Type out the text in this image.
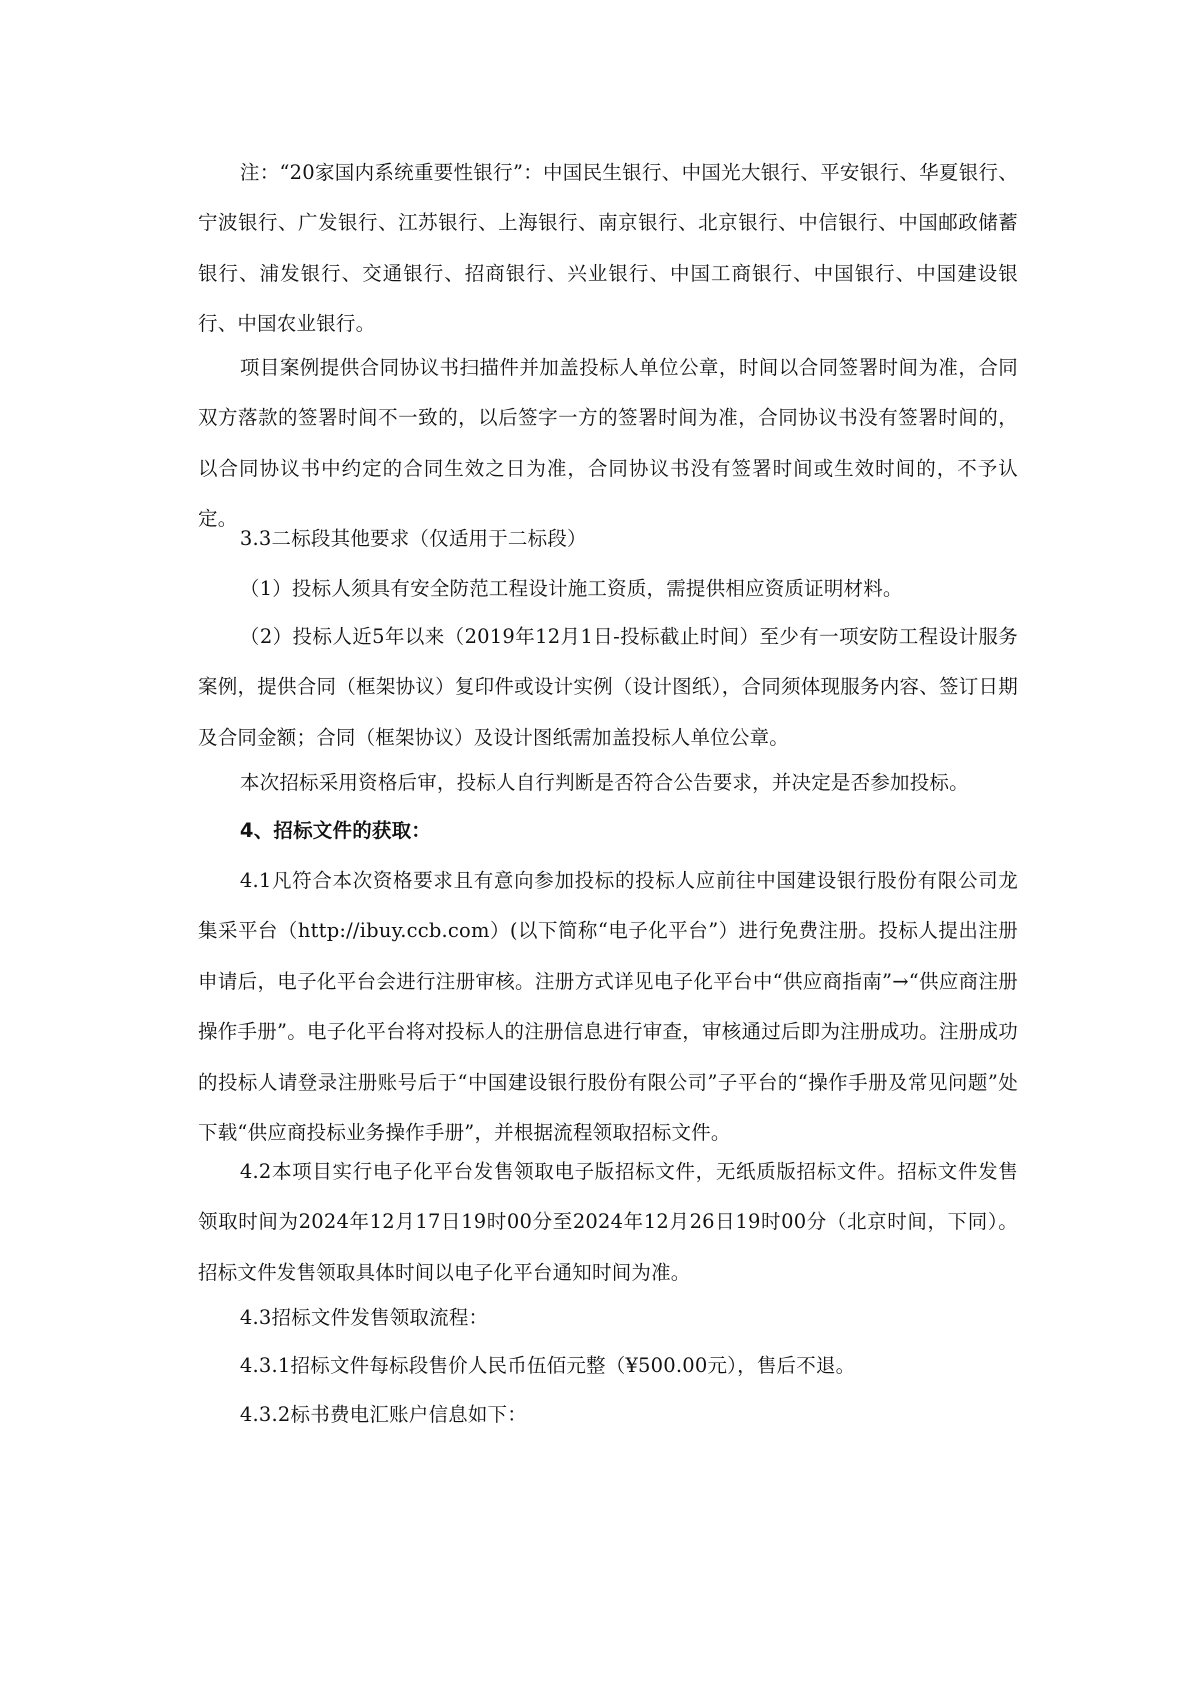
注：“20家国内系统重要性银行”：中国民生银行、中国光大银行、平安银行、华夏银行、宁波银行、广发银行、江苏银行、上海银行、南京银行、北京银行、中信银行、中国邮政储蓄银行、浦发银行、交通银行、招商银行、兴业银行、中国工商银行、中国银行、中国建设银行、中国农业银行。

项目案例提供合同协议书扫描件并加盖投标人单位公章，时间以合同签署时间为准，合同双方落款的签署时间不一致的，以后签字一方的签署时间为准，合同协议书没有签署时间的，以合同协议书中约定的合同生效之日为准，合同协议书没有签署时间或生效时间的，不予认定。

3.3二标段其他要求（仅适用于二标段）

（1）投标人须具有安全防范工程设计施工资质，需提供相应资质证明材料。

（2）投标人近5年以来（2019年12月1日-投标截止时间）至少有一项安防工程设计服务案例，提供合同（框架协议）复印件或设计实例（设计图纸），合同须体现服务内容、签订日期及合同金额；合同（框架协议）及设计图纸需加盖投标人单位公章。

本次招标采用资格后审，投标人自行判断是否符合公告要求，并决定是否参加投标。

4、招标文件的获取：

4.1凡符合本次资格要求且有意向参加投标的投标人应前往中国建设银行股份有限公司龙集采平台（http://ibuy.ccb.com）(以下简称“电子化平台”）进行免费注册。投标人提出注册申请后，电子化平台会进行注册审核。注册方式详见电子化平台中“供应商指南”→“供应商注册操作手册”。电子化平台将对投标人的注册信息进行审查，审核通过后即为注册成功。注册成功的投标人请登录注册账号后于“中国建设银行股份有限公司”子平台的“操作手册及常见问题”处下载“供应商投标业务操作手册”，并根据流程领取招标文件。

4.2本项目实行电子化平台发售领取电子版招标文件，无纸质版招标文件。招标文件发售领取时间为2024年12月17日19时00分至2024年12月26日19时00分（北京时间，下同）。招标文件发售领取具体时间以电子化平台通知时间为准。

4.3招标文件发售领取流程：

4.3.1招标文件每标段售价人民币伍佰元整（¥500.00元），售后不退。

4.3.2标书费电汇账户信息如下：
